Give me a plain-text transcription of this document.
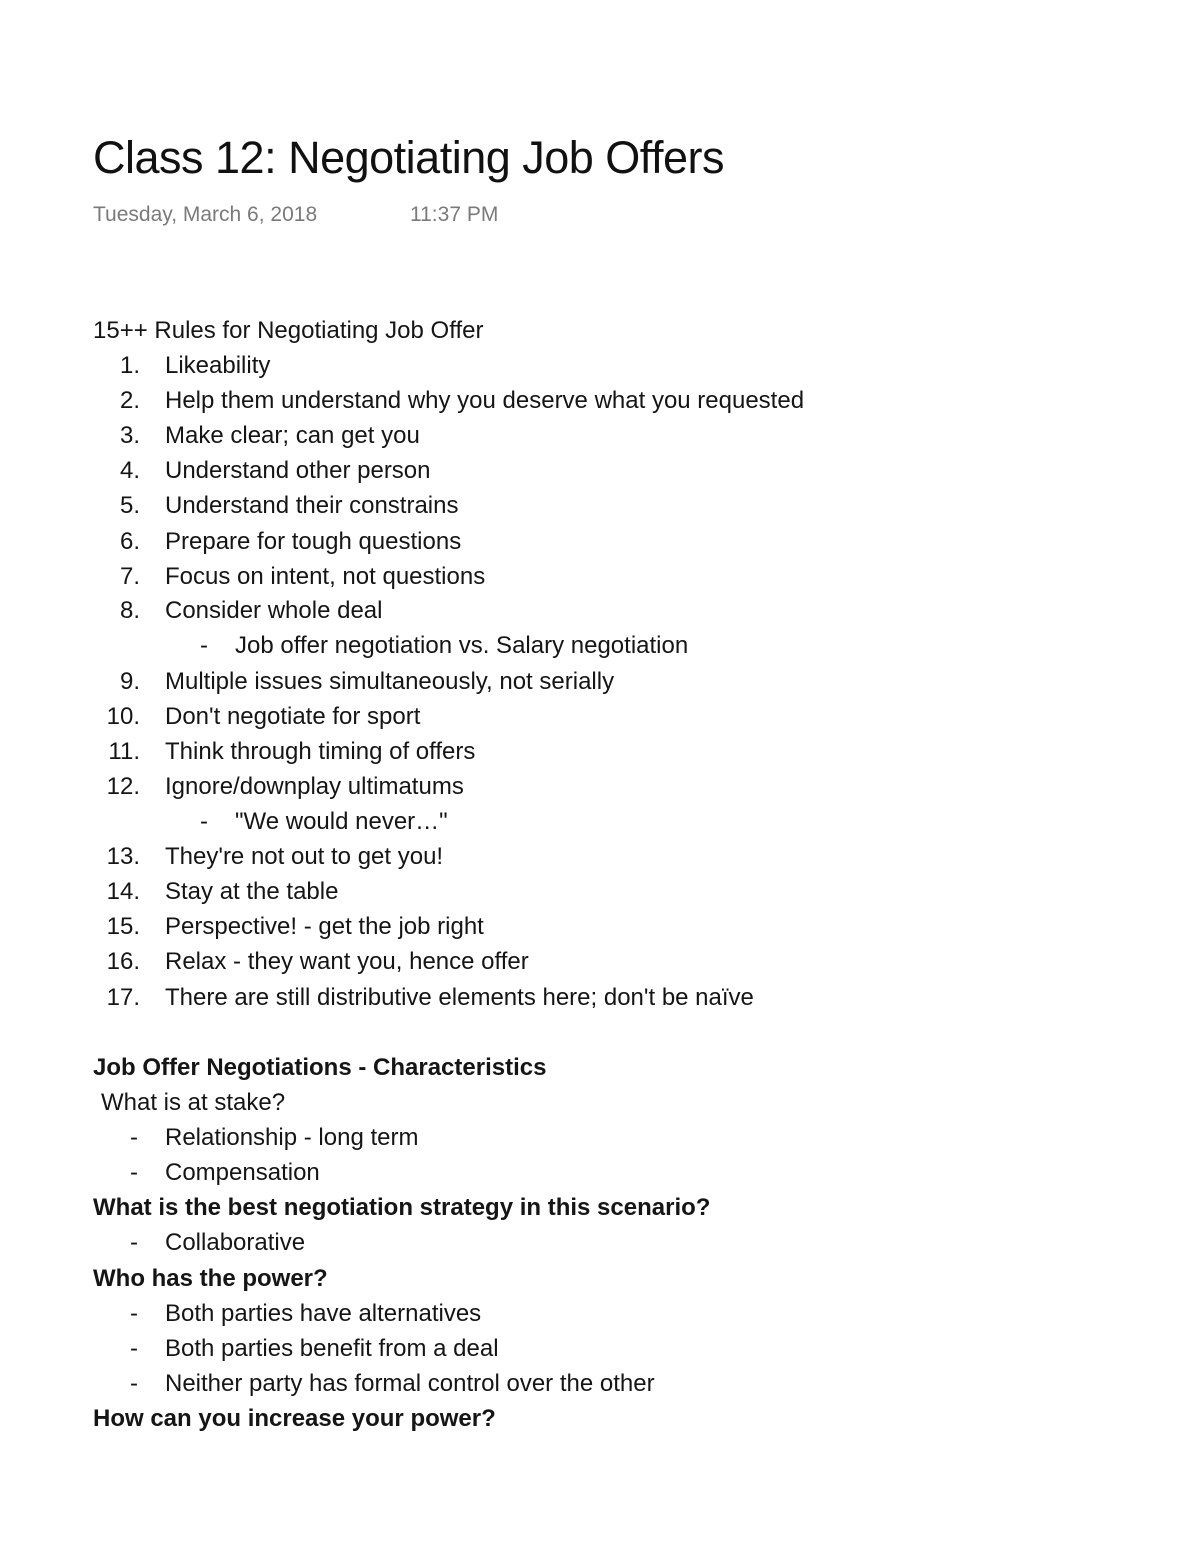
Class 12: Negotiating Job Offers
Tuesday, March 6, 2018	11:37 PM
15++ Rules for Negotiating Job Offer
1. Likeability
2. Help them understand why you deserve what you requested
3. Make clear; can get you
4. Understand other person
5. Understand their constrains
6. Prepare for tough questions
7. Focus on intent, not questions
8. Consider whole deal
- Job offer negotiation vs. Salary negotiation
9. Multiple issues simultaneously, not serially
10. Don't negotiate for sport
11. Think through timing of offers
12. Ignore/downplay ultimatums
- "We would never…"
13. They're not out to get you!
14. Stay at the table
15. Perspective! - get the job right
16. Relax - they want you, hence offer
17. There are still distributive elements here; don't be naïve
Job Offer Negotiations - Characteristics
What is at stake?
- Relationship - long term
- Compensation
What is the best negotiation strategy in this scenario?
- Collaborative
Who has the power?
- Both parties have alternatives
- Both parties benefit from a deal
- Neither party has formal control over the other
How can you increase your power?
